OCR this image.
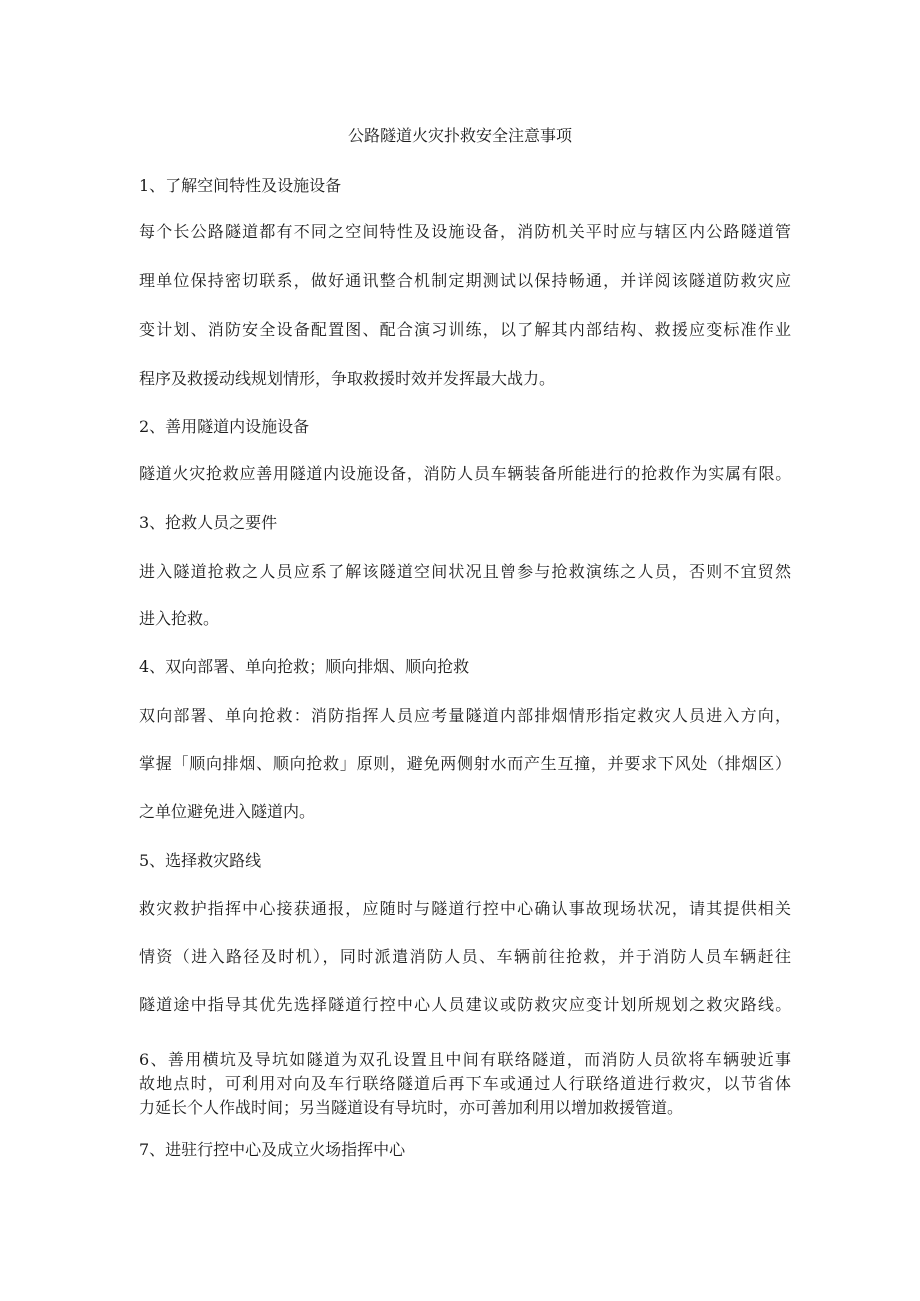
公路隧道火灾扑救安全注意事项
1、了解空间特性及设施设备
每个长公路隧道都有不同之空间特性及设施设备，消防机关平时应与辖区内公路隧道管
理单位保持密切联系，做好通讯整合机制定期测试以保持畅通，并详阅该隧道防救灾应
变计划、消防安全设备配置图、配合演习训练，以了解其内部结构、救援应变标准作业
程序及救援动线规划情形，争取救援时效并发挥最大战力。
2、善用隧道内设施设备
隧道火灾抢救应善用隧道内设施设备，消防人员车辆装备所能进行的抢救作为实属有限。
3、抢救人员之要件
进入隧道抢救之人员应系了解该隧道空间状况且曾参与抢救演练之人员，否则不宜贸然
进入抢救。
4、双向部署、单向抢救；顺向排烟、顺向抢救
双向部署、单向抢救：消防指挥人员应考量隧道内部排烟情形指定救灾人员进入方向，
掌握「顺向排烟、顺向抢救」原则，避免两侧射水而产生互撞，并要求下风处（排烟区）
之单位避免进入隧道内。
5、选择救灾路线
救灾救护指挥中心接获通报，应随时与隧道行控中心确认事故现场状况，请其提供相关
情资（进入路径及时机），同时派遣消防人员、车辆前往抢救，并于消防人员车辆赶往
隧道途中指导其优先选择隧道行控中心人员建议或防救灾应变计划所规划之救灾路线。
6、善用横坑及导坑如隧道为双孔设置且中间有联络隧道，而消防人员欲将车辆驶近事
故地点时，可利用对向及车行联络隧道后再下车或通过人行联络道进行救灾，以节省体
力延长个人作战时间；另当隧道设有导坑时，亦可善加利用以增加救援管道。
7、进驻行控中心及成立火场指挥中心
